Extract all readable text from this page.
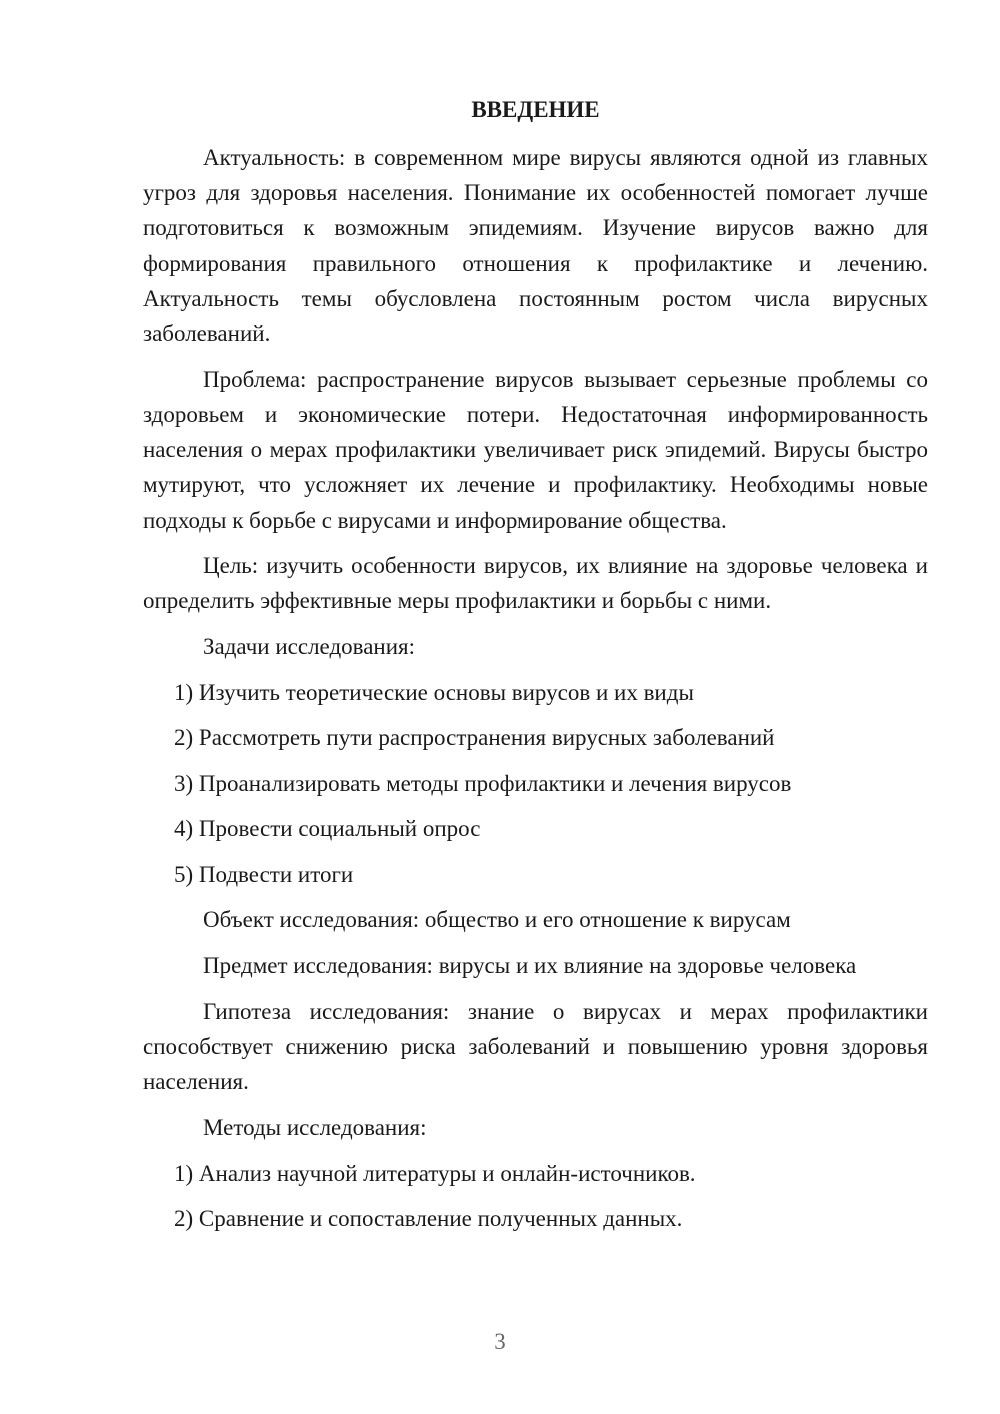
ВВЕДЕНИЕ

Актуальность: в современном мире вирусы являются одной из главных угроз для здоровья населения. Понимание их особенностей помогает лучше подготовиться к возможным эпидемиям. Изучение вирусов важно для формирования правильного отношения к профилактике и лечению. Актуальность темы обусловлена постоянным ростом числа вирусных заболеваний.

Проблема: распространение вирусов вызывает серьезные проблемы со здоровьем и экономические потери. Недостаточная информированность населения о мерах профилактики увеличивает риск эпидемий. Вирусы быстро мутируют, что усложняет их лечение и профилактику. Необходимы новые подходы к борьбе с вирусами и информирование общества.

Цель: изучить особенности вирусов, их влияние на здоровье человека и определить эффективные меры профилактики и борьбы с ними.

Задачи исследования:

1) Изучить теоретические основы вирусов и их виды
2) Рассмотреть пути распространения вирусных заболеваний
3) Проанализировать методы профилактики и лечения вирусов
4) Провести социальный опрос
5) Подвести итоги

Объект исследования: общество и его отношение к вирусам

Предмет исследования: вирусы и их влияние на здоровье человека

Гипотеза исследования: знание о вирусах и мерах профилактики способствует снижению риска заболеваний и повышению уровня здоровья населения.

Методы исследования:

1) Анализ научной литературы и онлайн-источников.
2) Сравнение и сопоставление полученных данных.
3
